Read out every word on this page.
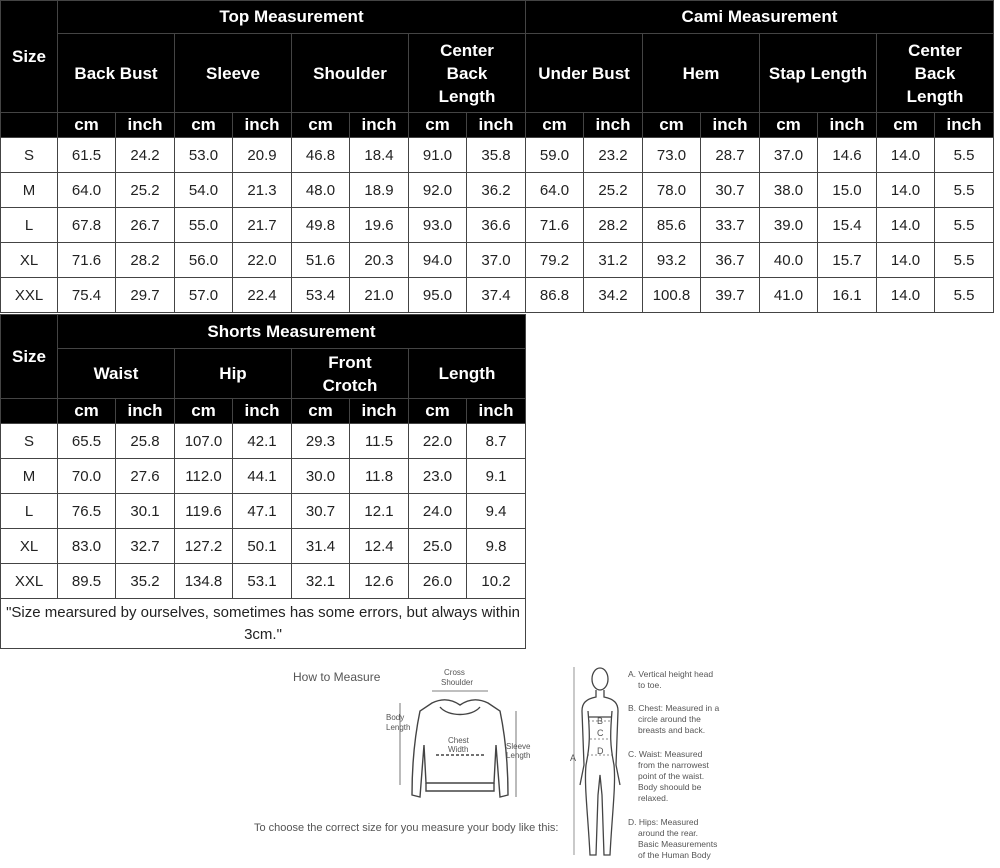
Size	Top Measurement								Cami Measurement							
	Back Bust		Sleeve		Shoulder		Center Back Length		Under Bust		Hem		Stap Length		Center Back Length	
	cm	inch	cm	inch	cm	inch	cm	inch	cm	inch	cm	inch	cm	inch	cm	inch
S	61.5	24.2	53.0	20.9	46.8	18.4	91.0	35.8	59.0	23.2	73.0	28.7	37.0	14.6	14.0	5.5
M	64.0	25.2	54.0	21.3	48.0	18.9	92.0	36.2	64.0	25.2	78.0	30.7	38.0	15.0	14.0	5.5
L	67.8	26.7	55.0	21.7	49.8	19.6	93.0	36.6	71.6	28.2	85.6	33.7	39.0	15.4	14.0	5.5
XL	71.6	28.2	56.0	22.0	51.6	20.3	94.0	37.0	79.2	31.2	93.2	36.7	40.0	15.7	14.0	5.5
XXL	75.4	29.7	57.0	22.4	53.4	21.0	95.0	37.4	86.8	34.2	100.8	39.7	41.0	16.1	14.0	5.5
Size	Shorts Measurement							
	Waist		Hip		Front Crotch		Length	
	cm	inch	cm	inch	cm	inch	cm	inch
S	65.5	25.8	107.0	42.1	29.3	11.5	22.0	8.7
M	70.0	27.6	112.0	44.1	30.0	11.8	23.0	9.1
L	76.5	30.1	119.6	47.1	30.7	12.1	24.0	9.4
XL	83.0	32.7	127.2	50.1	31.4	12.4	25.0	9.8
XXL	89.5	35.2	134.8	53.1	32.1	12.6	26.0	10.2
"Size mearsured by ourselves, sometimes has some errors, but always within 3cm."								
How to Measure	Cross
Shoulder
Body
Length
Chest
Width	Sleeve
Length
To choose the correct size for you measure your body like this:
A
B
C
D
A. Vertical height head
to toe.
B. Chest: Measured in a
circle around the
breasts and back.
C. Waist: Measured
from the narrowest
point of the waist.
Body shoould be
relaxed.
D. Hips: Measured
around the rear.
Basic Measurements
of the Human Body
